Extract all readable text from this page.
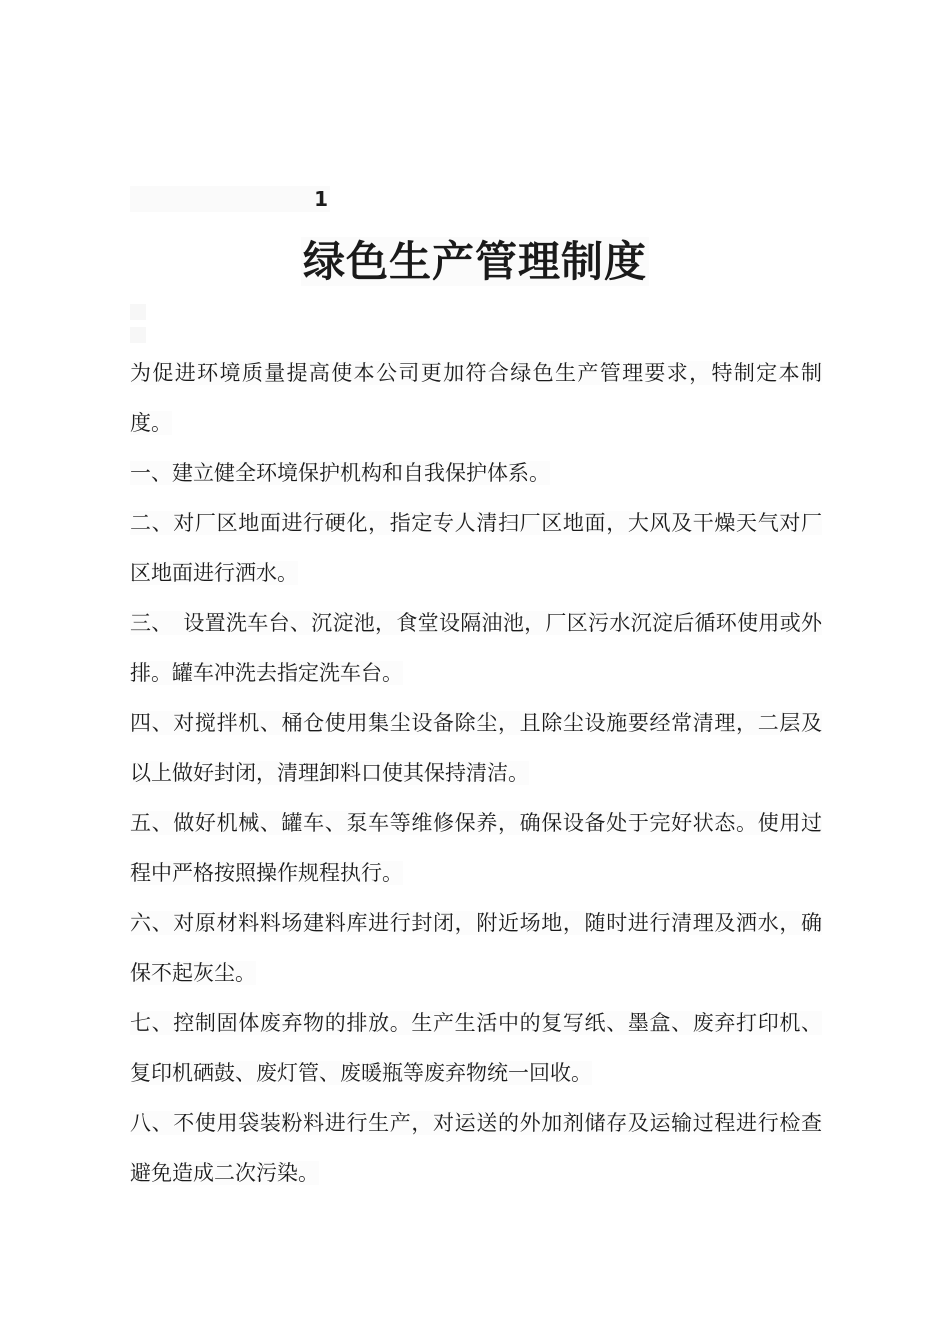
1
绿色生产管理制度

为促进环境质量提高使本公司更加符合绿色生产管理要求，特制定本制度。

一、建立健全环境保护机构和自我保护体系。

二、对厂区地面进行硬化，指定专人清扫厂区地面，大风及干燥天气对厂区地面进行洒水。

三、　设置洗车台、沉淀池，食堂设隔油池，厂区污水沉淀后循环使用或外排。罐车冲洗去指定洗车台。

四、对搅拌机、桶仓使用集尘设备除尘，且除尘设施要经常清理，二层及以上做好封闭，清理卸料口使其保持清洁。

五、做好机械、罐车、泵车等维修保养，确保设备处于完好状态。使用过程中严格按照操作规程执行。

六、对原材料料场建料库进行封闭，附近场地，随时进行清理及洒水，确保不起灰尘。

七、控制固体废弃物的排放。生产生活中的复写纸、墨盒、废弃打印机、复印机硒鼓、废灯管、废暖瓶等废弃物统一回收。

八、不使用袋装粉料进行生产，对运送的外加剂储存及运输过程进行检查避免造成二次污染。
